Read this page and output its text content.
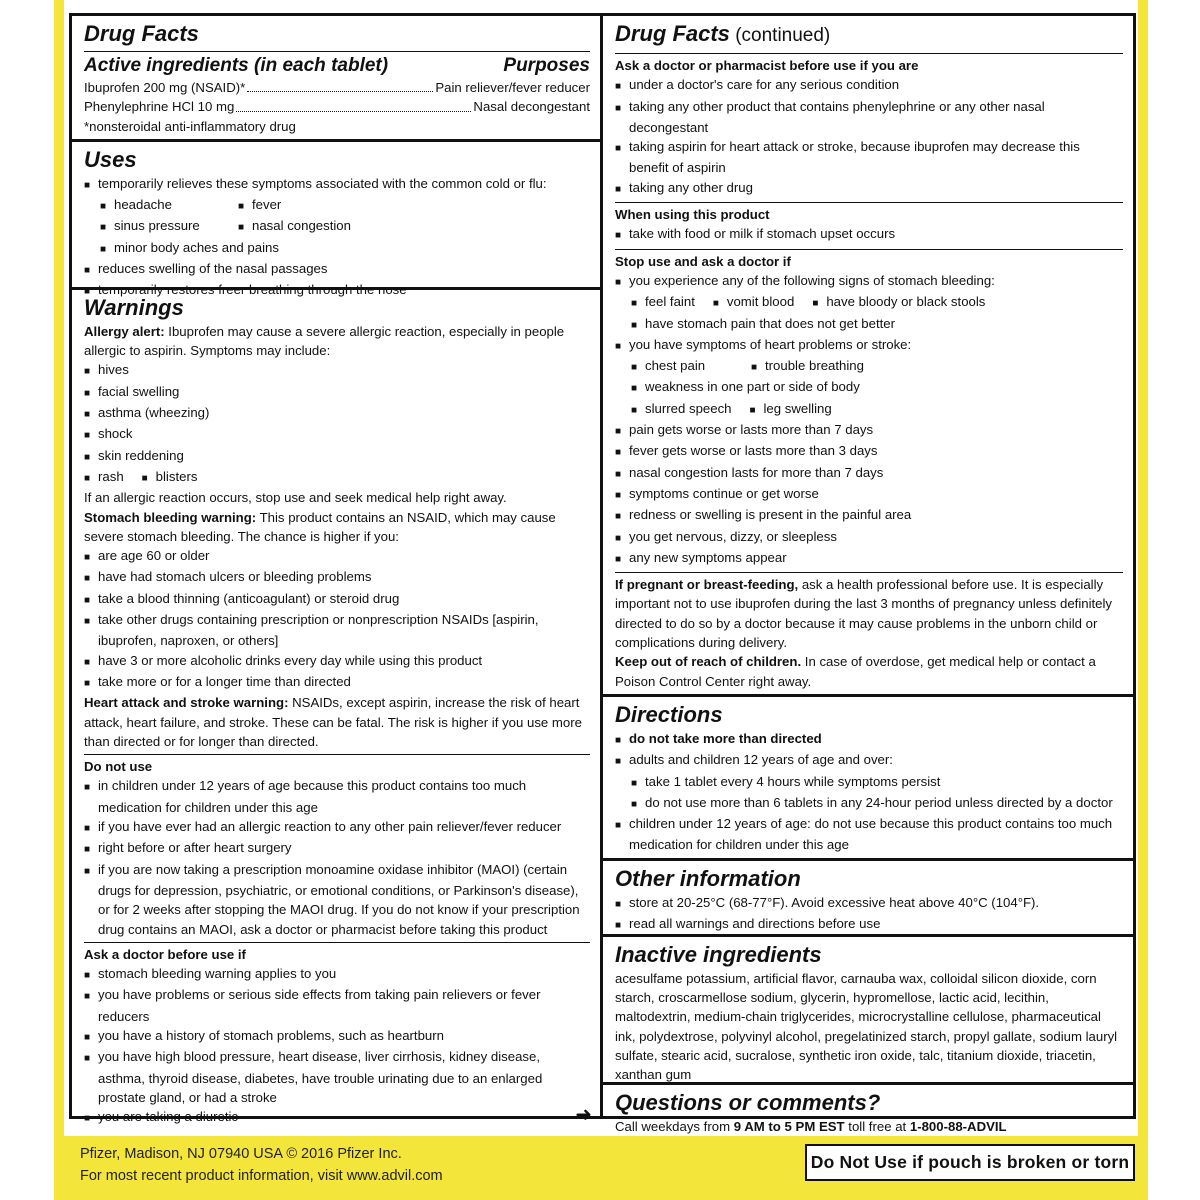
Drug Facts
Active ingredients (in each tablet)	Purposes
Ibuprofen 200 mg (NSAID)*	Pain reliever/fever reducer
Phenylephrine HCl 10 mg	Nasal decongestant
*nonsteroidal anti-inflammatory drug
Uses
■ temporarily relieves these symptoms associated with the common cold or flu:
■ headache	■ fever
■ sinus pressure	■ nasal congestion
■ minor body aches and pains
■ reduces swelling of the nasal passages
■ temporarily restores freer breathing through the nose
Warnings
Allergy alert: Ibuprofen may cause a severe allergic reaction, especially in people allergic to aspirin. Symptoms may include:
■ hives
■ facial swelling
■ asthma (wheezing)
■ shock
■ skin reddening
■ rash	■ blisters
If an allergic reaction occurs, stop use and seek medical help right away.
Stomach bleeding warning: This product contains an NSAID, which may cause severe stomach bleeding. The chance is higher if you:
■ are age 60 or older
■ have had stomach ulcers or bleeding problems
■ take a blood thinning (anticoagulant) or steroid drug
■ take other drugs containing prescription or nonprescription NSAIDs [aspirin, ibuprofen, naproxen, or others]
■ have 3 or more alcoholic drinks every day while using this product
■ take more or for a longer time than directed
Heart attack and stroke warning: NSAIDs, except aspirin, increase the risk of heart attack, heart failure, and stroke. These can be fatal. The risk is higher if you use more than directed or for longer than directed.
Do not use
■ in children under 12 years of age because this product contains too much medication for children under this age
■ if you have ever had an allergic reaction to any other pain reliever/fever reducer
■ right before or after heart surgery
■ if you are now taking a prescription monoamine oxidase inhibitor (MAOI) (certain drugs for depression, psychiatric, or emotional conditions, or Parkinson's disease), or for 2 weeks after stopping the MAOI drug. If you do not know if your prescription drug contains an MAOI, ask a doctor or pharmacist before taking this product
Ask a doctor before use if
■ stomach bleeding warning applies to you
■ you have problems or serious side effects from taking pain relievers or fever reducers
■ you have a history of stomach problems, such as heartburn
■ you have high blood pressure, heart disease, liver cirrhosis, kidney disease, asthma, thyroid disease, diabetes, have trouble urinating due to an enlarged prostate gland, or had a stroke
■ you are taking a diuretic	➜
Drug Facts (continued)
Ask a doctor or pharmacist before use if you are
■ under a doctor's care for any serious condition
■ taking any other product that contains phenylephrine or any other nasal decongestant
■ taking aspirin for heart attack or stroke, because ibuprofen may decrease this benefit of aspirin
■ taking any other drug
When using this product
■ take with food or milk if stomach upset occurs
Stop use and ask a doctor if
■ you experience any of the following signs of stomach bleeding:
■ feel faint	■ vomit blood	■ have bloody or black stools
■ have stomach pain that does not get better
■ you have symptoms of heart problems or stroke:
■ chest pain	■ trouble breathing
■ weakness in one part or side of body
■ slurred speech	■ leg swelling
■ pain gets worse or lasts more than 7 days
■ fever gets worse or lasts more than 3 days
■ nasal congestion lasts for more than 7 days
■ symptoms continue or get worse
■ redness or swelling is present in the painful area
■ you get nervous, dizzy, or sleepless
■ any new symptoms appear
If pregnant or breast-feeding, ask a health professional before use. It is especially important not to use ibuprofen during the last 3 months of pregnancy unless definitely directed to do so by a doctor because it may cause problems in the unborn child or complications during delivery.
Keep out of reach of children. In case of overdose, get medical help or contact a Poison Control Center right away.
Directions
■ do not take more than directed
■ adults and children 12 years of age and over:
■ take 1 tablet every 4 hours while symptoms persist
■ do not use more than 6 tablets in any 24-hour period unless directed by a doctor
■ children under 12 years of age: do not use because this product contains too much medication for children under this age
Other information
■ store at 20-25°C (68-77°F). Avoid excessive heat above 40°C (104°F).
■ read all warnings and directions before use
Inactive ingredients
acesulfame potassium, artificial flavor, carnauba wax, colloidal silicon dioxide, corn starch, croscarmellose sodium, glycerin, hypromellose, lactic acid, lecithin, maltodextrin, medium-chain triglycerides, microcrystalline cellulose, pharmaceutical ink, polydextrose, polyvinyl alcohol, pregelatinized starch, propyl gallate, sodium lauryl sulfate, stearic acid, sucralose, synthetic iron oxide, talc, titanium dioxide, triacetin, xanthan gum
Questions or comments?
Call weekdays from 9 AM to 5 PM EST toll free at 1-800-88-ADVIL
Pfizer, Madison, NJ 07940 USA © 2016 Pfizer Inc.
For most recent product information, visit www.advil.com
Do Not Use if pouch is broken or torn
